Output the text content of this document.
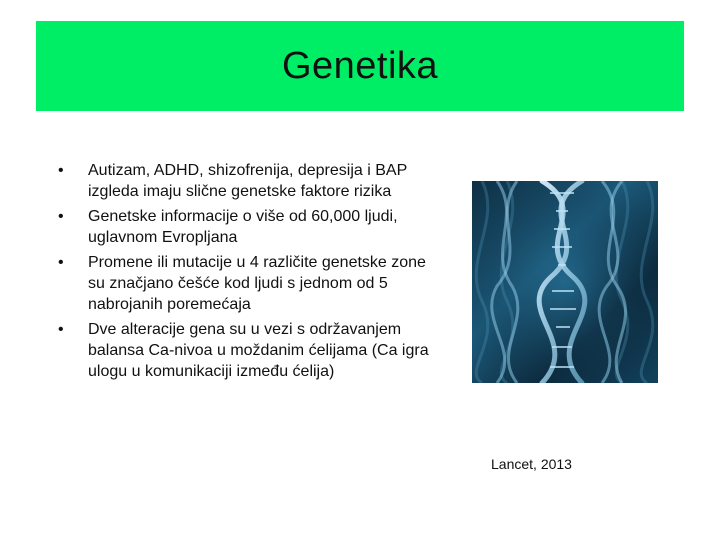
Genetika
•	Autizam, ADHD, shizofrenija, depresija i BAP izgleda imaju slične genetske faktore rizika
•	Genetske informacije o više od 60,000 ljudi, uglavnom Evropljana
•	Promene ili mutacije u 4 različite genetske zone su značjano češće kod ljudi s jednom od 5 nabrojanih poremećaja
•	Dve alteracije gena su u vezi s održavanjem balansa Ca-nivoa u moždanim ćelijama (Ca igra ulogu u komunikaciji između ćelija)
Lancet, 2013
